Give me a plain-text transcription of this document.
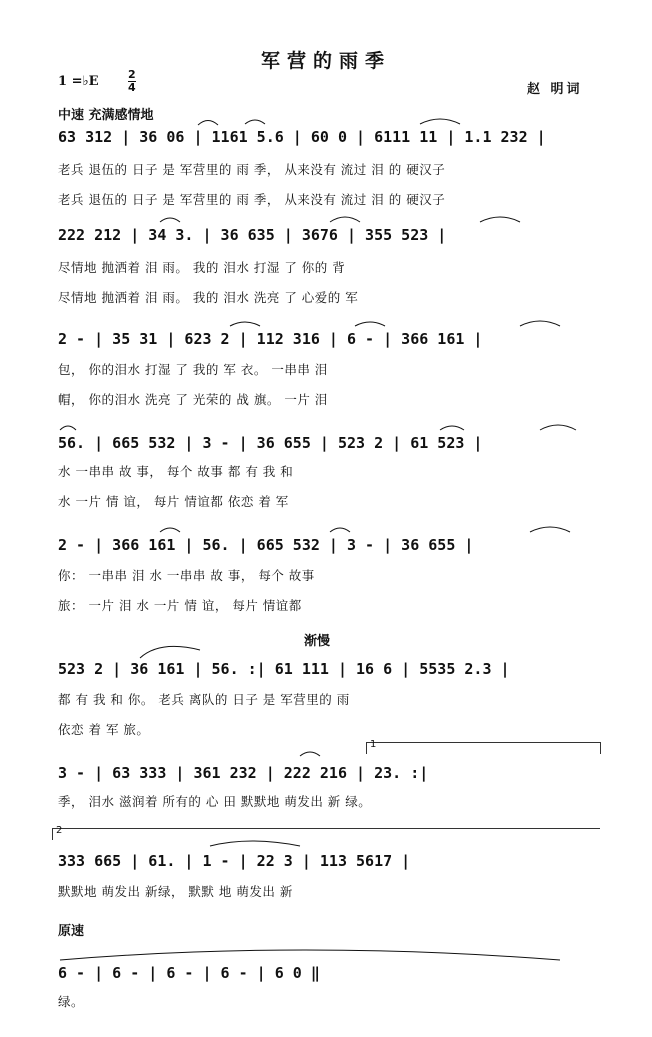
军营的雨季
1 =♭E	2
4	赵 明词
中速 充满感情地
63 312 | 36 06 | 1161 5.6 | 60 0 | 6111 11 | 1.1 232 |
老兵 退伍的 日子 是 军营里的 雨 季， 从来没有 流过 泪 的 硬汉子
老兵 退伍的 日子 是 军营里的 雨 季， 从来没有 流过 泪 的 硬汉子
222 212 | 34 3. | 36 635 | 3676 | 355 523 |
尽情地 抛洒着 泪 雨。 我的 泪水 打湿 了 你的 背
尽情地 抛洒着 泪 雨。 我的 泪水 洗亮 了 心爱的 军
2 - | 35 31 | 623 2 | 112 316 | 6 - | 366 161 |
包， 你的泪水 打湿 了 我的 军 衣。 一串串 泪
帽， 你的泪水 洗亮 了 光荣的 战 旗。 一片 泪
56. | 665 532 | 3 - | 36 655 | 523 2 | 61 523 |
水 一串串 故 事， 每个 故事 都 有 我 和
水 一片 情 谊， 每片 情谊都 依恋 着 军
2 - | 366 161 | 56. | 665 532 | 3 - | 36 655 |
你： 一串串 泪 水 一串串 故 事， 每个 故事
旅： 一片 泪 水 一片 情 谊， 每片 情谊都
渐慢
523 2 | 36 161 | 56. :| 61 111 | 16 6 | 5535 2.3 |
都 有 我 和 你。 老兵 离队的 日子 是 军营里的 雨
依恋 着 军 旅。
1
3 - | 63 333 | 361 232 | 222 216 | 23. :|
季， 泪水 滋润着 所有的 心 田 默默地 萌发出 新 绿。
2
333 665 | 61. | 1 - | 22 3 | 113 5617 |
默默地 萌发出 新绿， 默默 地 萌发出 新
原速
6 - | 6 - | 6 - | 6 - | 6 0 ‖
绿。
